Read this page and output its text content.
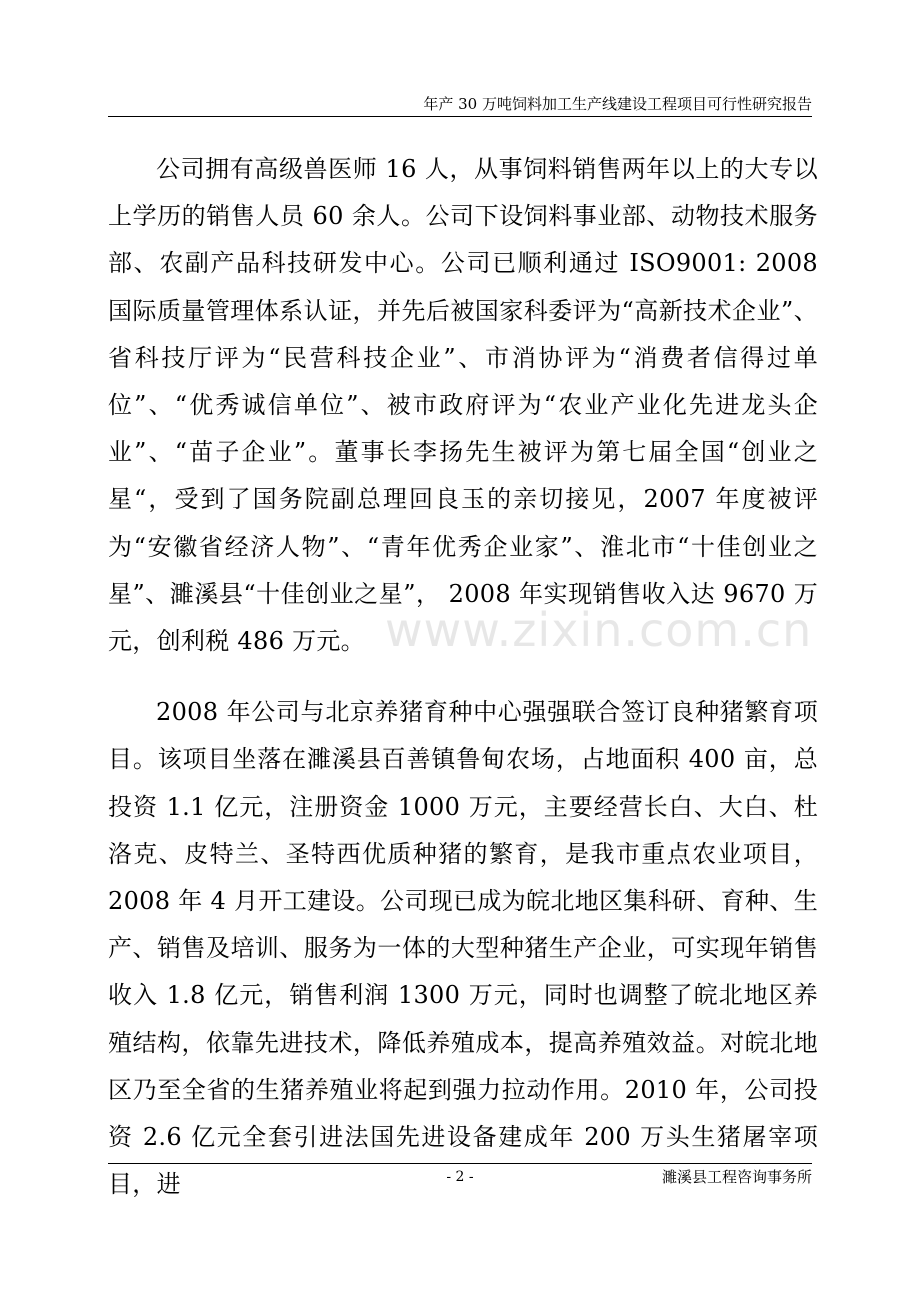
年产 30 万吨饲料加工生产线建设工程项目可行性研究报告

公司拥有高级兽医师 16 人，从事饲料销售两年以上的大专以上学历的销售人员 60 余人。公司下设饲料事业部、动物技术服务部、农副产品科技研发中心。公司已顺利通过 ISO9001: 2008 国际质量管理体系认证，并先后被国家科委评为“高新技术企业”、省科技厅评为“民营科技企业”、市消协评为“消费者信得过单位”、“优秀诚信单位”、被市政府评为“农业产业化先进龙头企业”、“苗子企业”。董事长李扬先生被评为第七届全国“创业之星“，受到了国务院副总理回良玉的亲切接见，2007 年度被评为“安徽省经济人物”、“青年优秀企业家”、淮北市“十佳创业之星”、濉溪县“十佳创业之星”， 2008 年实现销售收入达 9670 万元，创利税 486 万元。

2008 年公司与北京养猪育种中心强强联合签订良种猪繁育项目。该项目坐落在濉溪县百善镇鲁甸农场，占地面积 400 亩，总投资 1.1 亿元，注册资金 1000 万元，主要经营长白、大白、杜洛克、皮特兰、圣特西优质种猪的繁育，是我市重点农业项目，2008 年 4 月开工建设。公司现已成为皖北地区集科研、育种、生产、销售及培训、服务为一体的大型种猪生产企业，可实现年销售收入 1.8 亿元，销售利润 1300 万元，同时也调整了皖北地区养殖结构，依靠先进技术，降低养殖成本，提高养殖效益。对皖北地区乃至全省的生猪养殖业将起到强力拉动作用。2010 年，公司投资 2.6 亿元全套引进法国先进设备建成年 200 万头生猪屠宰项目，进

www.zixin.com.cn
- 2 -	濉溪县工程咨询事务所
